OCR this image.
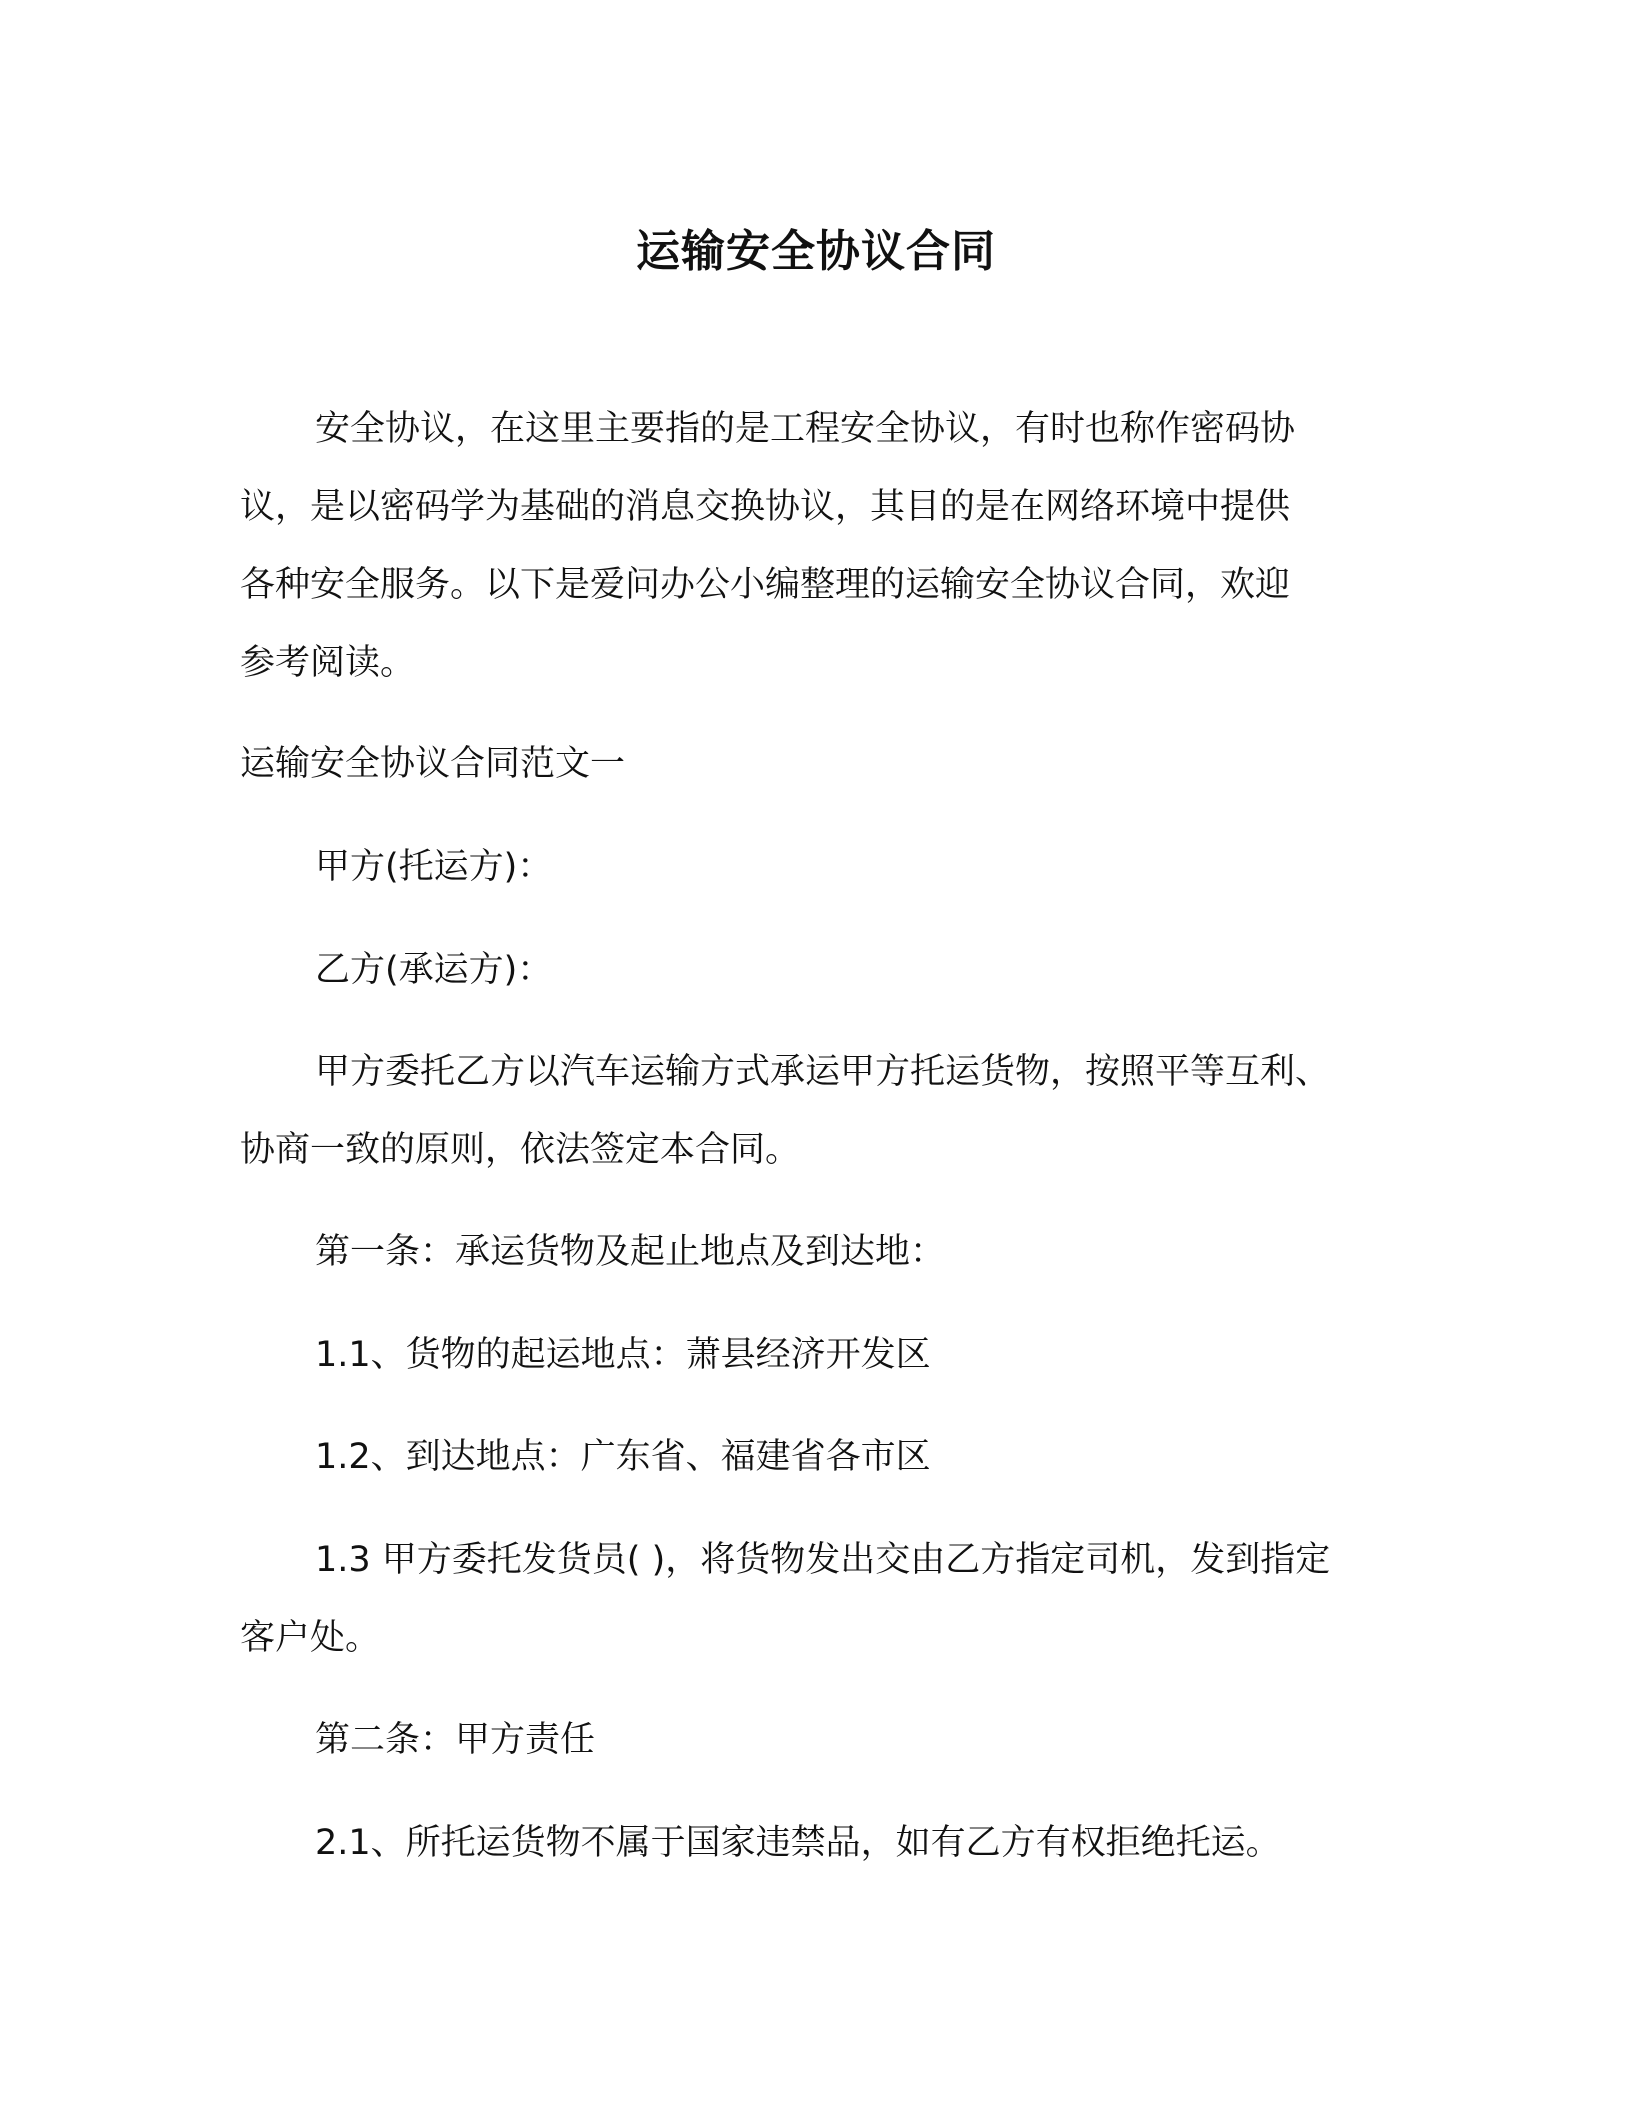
运输安全协议合同
安全协议，在这里主要指的是工程安全协议，有时也称作密码协
议，是以密码学为基础的消息交换协议，其目的是在网络环境中提供
各种安全服务。以下是爱问办公小编整理的运输安全协议合同，欢迎
参考阅读。
运输安全协议合同范文一
甲方(托运方)：
乙方(承运方)：
甲方委托乙方以汽车运输方式承运甲方托运货物，按照平等互利、
协商一致的原则，依法签定本合同。
第一条：承运货物及起止地点及到达地：
1.1、货物的起运地点：萧县经济开发区
1.2、到达地点：广东省、福建省各市区
1.3 甲方委托发货员( )，将货物发出交由乙方指定司机，发到指定
客户处。
第二条：甲方责任
2.1、所托运货物不属于国家违禁品，如有乙方有权拒绝托运。
